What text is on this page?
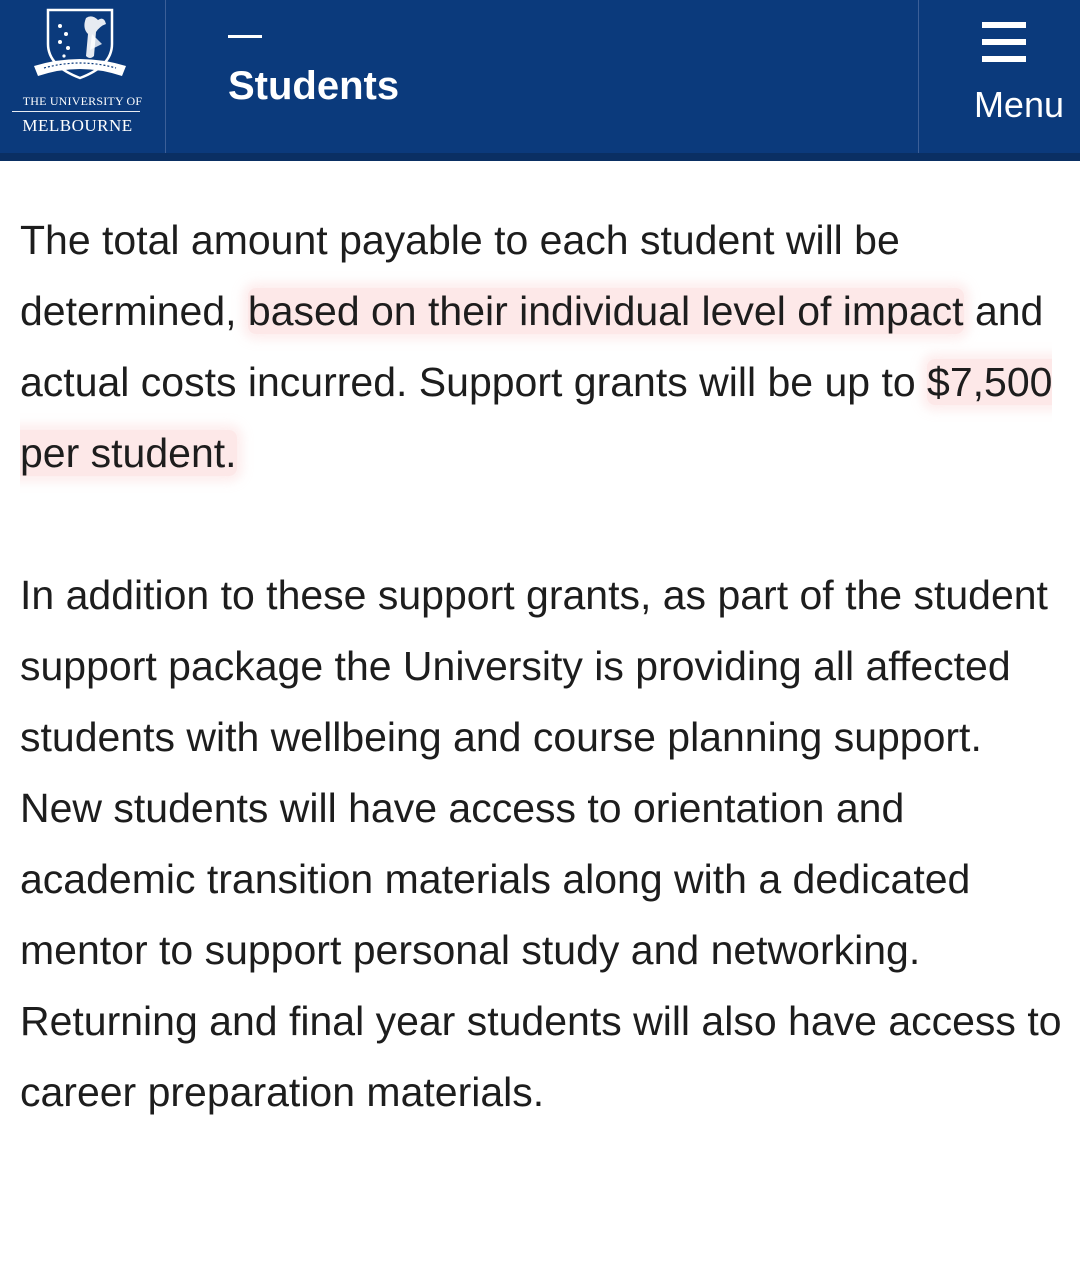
THE UNIVERSITY OF
MELBOURNE
Students	Menu

The total amount payable to each student will be determined, based on their individual level of impact and actual costs incurred. Support grants will be up to $7,500 per student.

In addition to these support grants, as part of the student support package the University is providing all affected students with wellbeing and course planning support. New students will have access to orientation and academic transition materials along with a dedicated mentor to support personal study and networking. Returning and final year students will also have access to career preparation materials.
